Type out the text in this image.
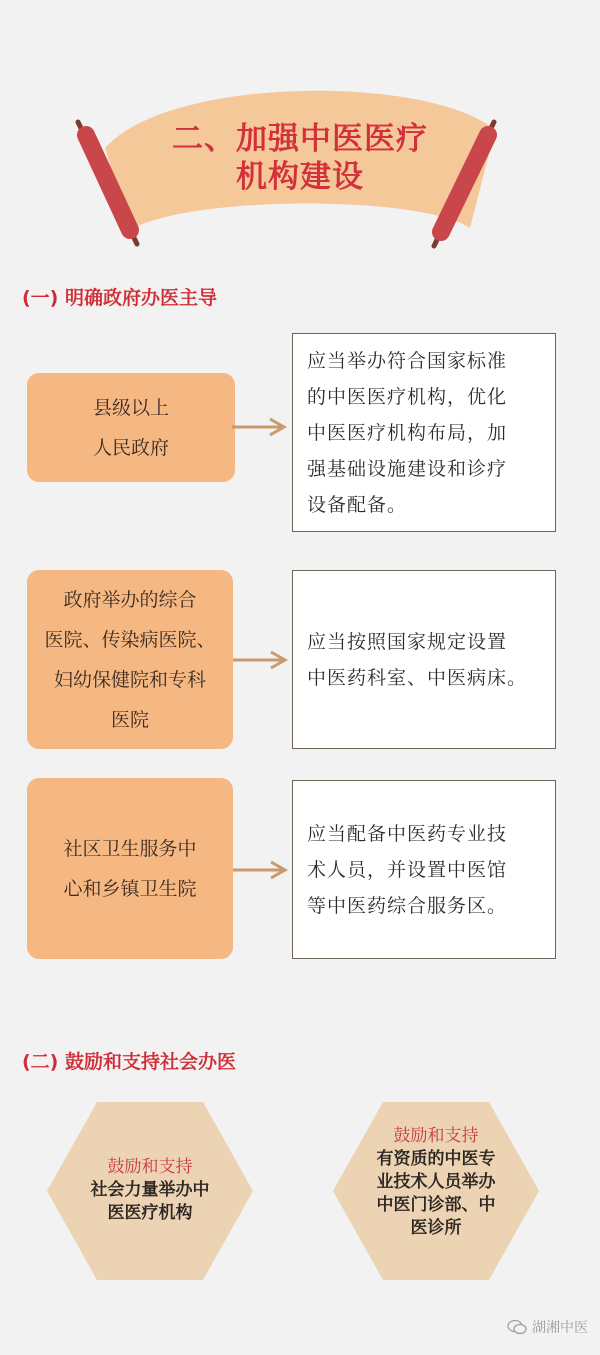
二、加强中医医疗
机构建设
(一) 明确政府办医主导
县级以上
人民政府
应当举办符合国家标准
的中医医疗机构，优化
中医医疗机构布局，加
强基础设施建设和诊疗
设备配备。
政府举办的综合
医院、传染病医院、
妇幼保健院和专科
医院
应当按照国家规定设置
中医药科室、中医病床。
社区卫生服务中
心和乡镇卫生院
应当配备中医药专业技
术人员，并设置中医馆
等中医药综合服务区。
(二) 鼓励和支持社会办医
鼓励和支持
社会力量举办中
医医疗机构
鼓励和支持
有资质的中医专
业技术人员举办
中医门诊部、中
医诊所
湖湘中医
